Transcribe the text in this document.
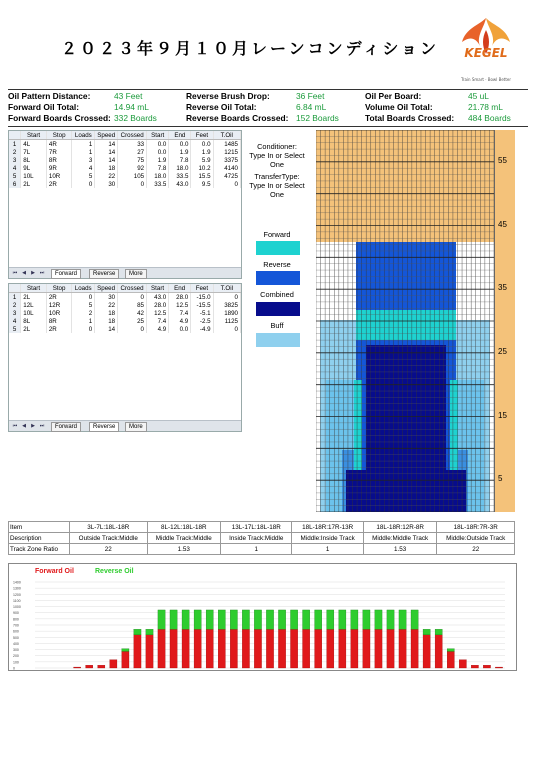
２０２３年９月１０月レーンコンディション	KEGEL
Train Smart · Bowl Better
Oil Pattern Distance:	43 Feet	Reverse Brush Drop:	36 Feet	Oil Per Board:	45 uL
Forward Oil Total:	14.94 mL	Reverse Oil Total:	6.84 mL	Volume Oil Total:	21.78 mL
Forward Boards Crossed: 332 Boards	Reverse Boards Crossed: 152 Boards	Total Boards Crossed: 484 Boards
	Start	Stop	Loads	Speed	Crossed	Start	End	Feet	T.Oil
1	4L	4R	1	14	33	0.0	0.0	0.0	1485
2	7L	7R	1	14	27	0.0	1.9	1.9	1215
3	8L	8R	3	14	75	1.9	7.8	5.9	3375
4	9L	9R	4	18	92	7.8	18.0	10.2	4140
5	10L	10R	5	22	105	18.0	33.5	15.5	4725
6	2L	2R	0	30	0	33.5	43.0	9.5	0
⏮ ◀ ▶ ⏭	Forward	Reverse	More
	Start	Stop	Loads	Speed	Crossed	Start	End	Feet	T.Oil
1	2L	2R	0	30	0	43.0	28.0	-15.0	0
2	12L	12R	5	22	85	28.0	12.5	-15.5	3825
3	10L	10R	2	18	42	12.5	7.4	-5.1	1890
4	8L	8R	1	18	25	7.4	4.9	-2.5	1125
5	2L	2R	0	14	0	4.9	0.0	-4.9	0
⏮ ◀ ▶ ⏭	Forward	Reverse	More
Conditioner:
Type In or Select
One
TransferType:
Type In or Select
One
Forward
Reverse
Combined
Buff
55
45
35
25
15
5
Item	3L-7L:18L-18R	8L-12L:18L-18R	13L-17L:18L-18R	18L-18R:17R-13R	18L-18R:12R-8R	18L-18R:7R-3R
Description	Outside Track:Middle	Middle Track:Middle	Inside Track:Middle	Middle:Inside Track	Middle:Middle Track	Middle:Outside Track
Track Zone Ratio	22	1.53	1	1	1.53	22
Forward Oil	Reverse Oil
1400
1300
1200
1100
1000
900
800
700
600
500
400
300
200
100
0
